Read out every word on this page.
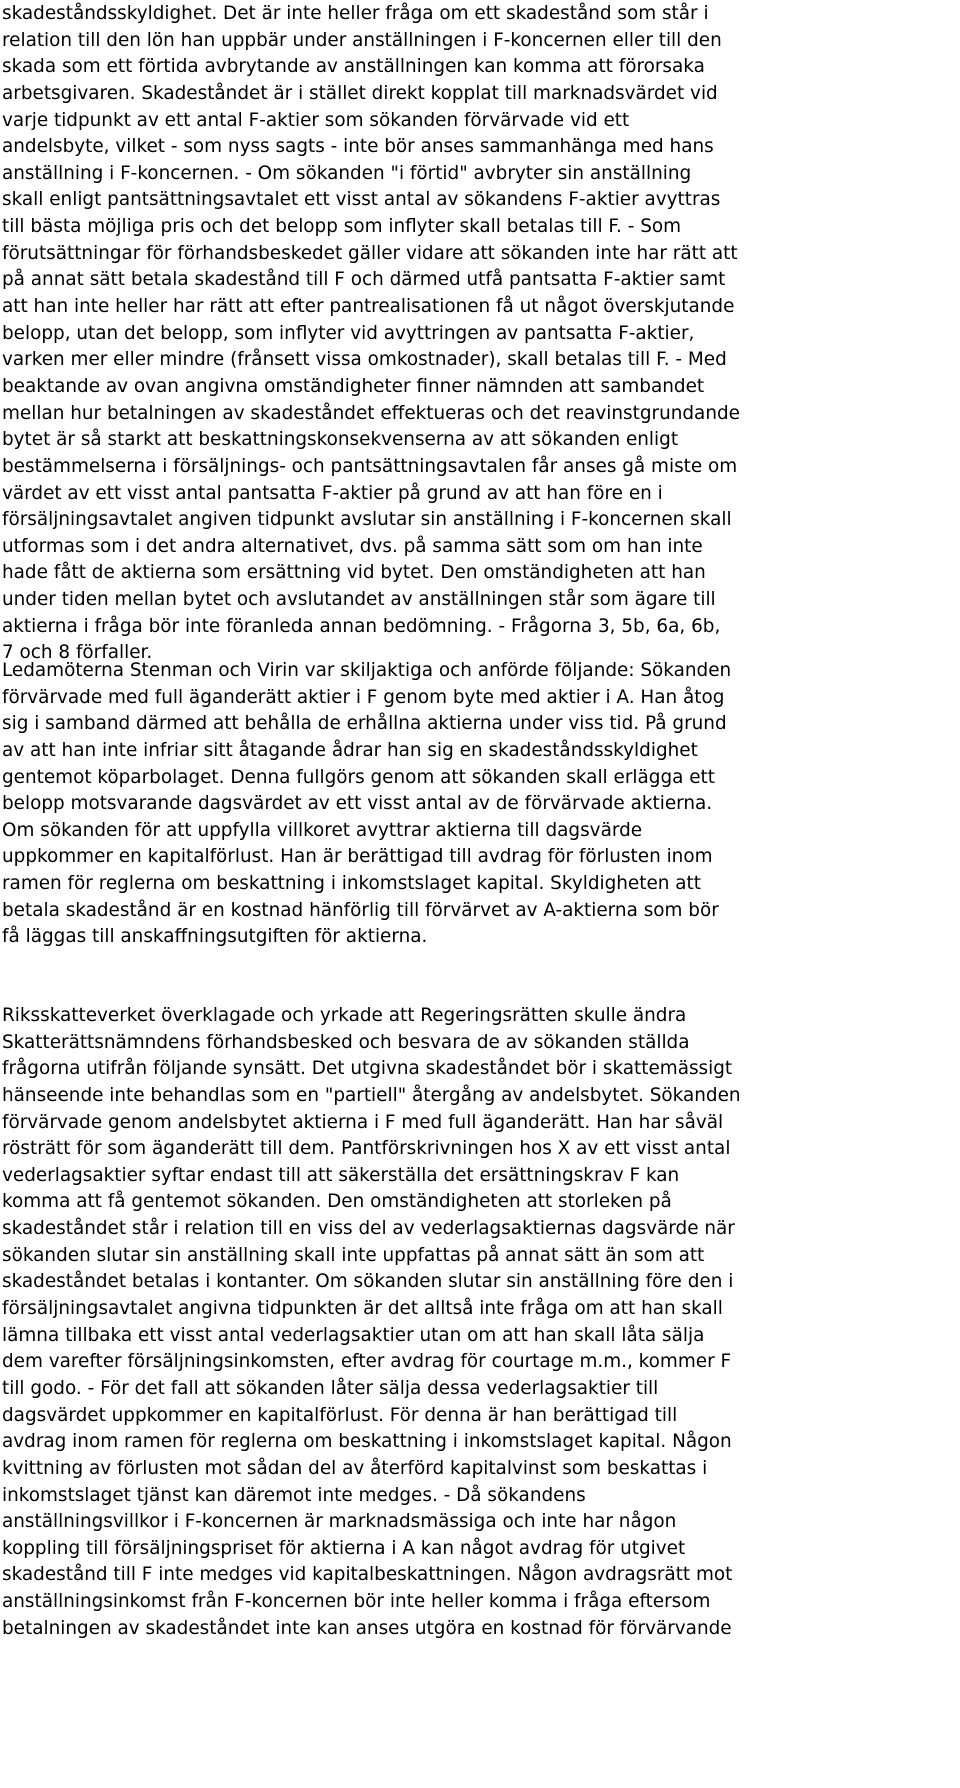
skadeståndsskyldighet. Det är inte heller fråga om ett skadestånd som står i
relation till den lön han uppbär under anställningen i F-koncernen eller till den
skada som ett förtida avbrytande av anställningen kan komma att förorsaka
arbetsgivaren. Skadeståndet är i stället direkt kopplat till marknadsvärdet vid
varje tidpunkt av ett antal F-aktier som sökanden förvärvade vid ett
andelsbyte, vilket - som nyss sagts - inte bör anses sammanhänga med hans
anställning i F-koncernen. - Om sökanden "i förtid" avbryter sin anställning
skall enligt pantsättningsavtalet ett visst antal av sökandens F-aktier avyttras
till bästa möjliga pris och det belopp som inflyter skall betalas till F. - Som
förutsättningar för förhandsbeskedet gäller vidare att sökanden inte har rätt att
på annat sätt betala skadestånd till F och därmed utfå pantsatta F-aktier samt
att han inte heller har rätt att efter pantrealisationen få ut något överskjutande
belopp, utan det belopp, som inflyter vid avyttringen av pantsatta F-aktier,
varken mer eller mindre (frånsett vissa omkostnader), skall betalas till F. - Med
beaktande av ovan angivna omständigheter finner nämnden att sambandet
mellan hur betalningen av skadeståndet effektueras och det reavinstgrundande
bytet är så starkt att beskattningskonsekvenserna av att sökanden enligt
bestämmelserna i försäljnings- och pantsättningsavtalen får anses gå miste om
värdet av ett visst antal pantsatta F-aktier på grund av att han före en i
försäljningsavtalet angiven tidpunkt avslutar sin anställning i F-koncernen skall
utformas som i det andra alternativet, dvs. på samma sätt som om han inte
hade fått de aktierna som ersättning vid bytet. Den omständigheten att han
under tiden mellan bytet och avslutandet av anställningen står som ägare till
aktierna i fråga bör inte föranleda annan bedömning. - Frågorna 3, 5b, 6a, 6b,
7 och 8 förfaller.
Ledamöterna Stenman och Virin var skiljaktiga och anförde följande: Sökanden
förvärvade med full äganderätt aktier i F genom byte med aktier i A. Han åtog
sig i samband därmed att behålla de erhållna aktierna under viss tid. På grund
av att han inte infriar sitt åtagande ådrar han sig en skadeståndsskyldighet
gentemot köparbolaget. Denna fullgörs genom att sökanden skall erlägga ett
belopp motsvarande dagsvärdet av ett visst antal av de förvärvade aktierna.
Om sökanden för att uppfylla villkoret avyttrar aktierna till dagsvärde
uppkommer en kapitalförlust. Han är berättigad till avdrag för förlusten inom
ramen för reglerna om beskattning i inkomstslaget kapital. Skyldigheten att
betala skadestånd är en kostnad hänförlig till förvärvet av A-aktierna som bör
få läggas till anskaffningsutgiften för aktierna.
Riksskatteverket överklagade och yrkade att Regeringsrätten skulle ändra
Skatterättsnämndens förhandsbesked och besvara de av sökanden ställda
frågorna utifrån följande synsätt. Det utgivna skadeståndet bör i skattemässigt
hänseende inte behandlas som en "partiell" återgång av andelsbytet. Sökanden
förvärvade genom andelsbytet aktierna i F med full äganderätt. Han har såväl
rösträtt för som äganderätt till dem. Pantförskrivningen hos X av ett visst antal
vederlagsaktier syftar endast till att säkerställa det ersättningskrav F kan
komma att få gentemot sökanden. Den omständigheten att storleken på
skadeståndet står i relation till en viss del av vederlagsaktiernas dagsvärde när
sökanden slutar sin anställning skall inte uppfattas på annat sätt än som att
skadeståndet betalas i kontanter. Om sökanden slutar sin anställning före den i
försäljningsavtalet angivna tidpunkten är det alltså inte fråga om att han skall
lämna tillbaka ett visst antal vederlagsaktier utan om att han skall låta sälja
dem varefter försäljningsinkomsten, efter avdrag för courtage m.m., kommer F
till godo. - För det fall att sökanden låter sälja dessa vederlagsaktier till
dagsvärdet uppkommer en kapitalförlust. För denna är han berättigad till
avdrag inom ramen för reglerna om beskattning i inkomstslaget kapital. Någon
kvittning av förlusten mot sådan del av återförd kapitalvinst som beskattas i
inkomstslaget tjänst kan däremot inte medges. - Då sökandens
anställningsvillkor i F-koncernen är marknadsmässiga och inte har någon
koppling till försäljningspriset för aktierna i A kan något avdrag för utgivet
skadestånd till F inte medges vid kapitalbeskattningen. Någon avdragsrätt mot
anställningsinkomst från F-koncernen bör inte heller komma i fråga eftersom
betalningen av skadeståndet inte kan anses utgöra en kostnad för förvärvande
